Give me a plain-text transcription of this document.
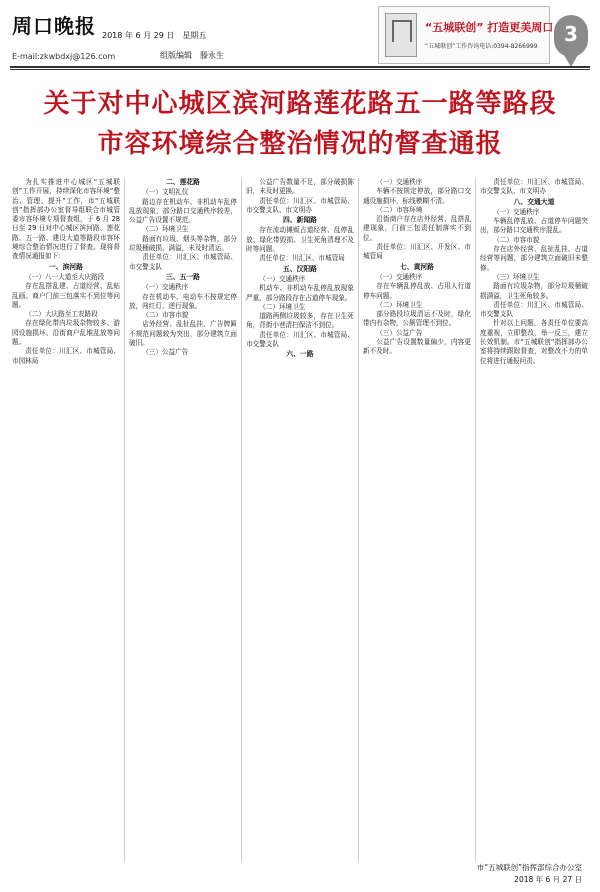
周口晚报 2018 年 6 月 29 日 星期五
E-mail:zkwbdxj@126.com	组版编辑 滕永生
“五城联创” 打造更美周口
“五城联创”工作咨询电话:0394-8266999
3
关于对中心城区滨河路莲花路五一路等路段
市容环境综合整治情况的督查通报

为扎实推进中心城区“五城联创”工作开展，持续深化市容环境“整治、管理、提升”工作，市“五城联创”指挥部办公室督导组联合市城管委市容环境专项督查组，于 6 月 28 日至 29 日对中心城区滨河路、莲花路、五一路、建设大道等路段市容环境综合整治情况进行了督查。现将督查情况通报如下：

一、滨河路

（一）八一大道至大庆路段

存在乱搭乱建、占道经营、乱贴乱画、商户门前三包落实不到位等问题。

（二）大庆路至工农路段

存在绿化带内垃圾杂物较多、游园设施损坏、沿街商户乱堆乱放等问题。

责任单位：川汇区、市城管局、市园林局

二、莲花路

（一）文明礼仪

路边存在机动车、非机动车乱停乱放现象，部分路口交通秩序较差，公益广告设置不规范。

（二）环境卫生

路面有垃圾、烟头等杂物，部分垃圾桶破损、满溢，未及时清运。

责任单位：川汇区、市城管局、市交警支队

三、五一路

（一）交通秩序

存在机动车、电动车不按规定停放，闯红灯、逆行现象。

（二）市容市貌

店外经营、乱扯乱挂、广告牌匾不规范问题较为突出，部分建筑立面破旧。

（三）公益广告

公益广告数量不足，部分破损陈旧，未及时更换。

责任单位：川汇区、市城管局、市交警支队、市文明办

四、新闻路

存在流动摊贩占道经营、乱停乱放、绿化带毁损、卫生死角清理不及时等问题。

责任单位：川汇区、市城管局

五、汉阳路

（一）交通秩序

机动车、非机动车乱停乱放现象严重，部分路段存在占道停车现象。

（二）环境卫生

道路两侧垃圾较多，存在卫生死角，背街小巷清扫保洁不到位。

责任单位：川汇区、市城管局、市交警支队

六、一路

（一）交通秩序

车辆不按规定停放，部分路口交通设施损坏，标线模糊不清。

（二）市容环境

沿街商户存在店外经营、乱搭乱建现象，门前三包责任制落实不到位。

责任单位：川汇区、开发区、市城管局

七、黄河路

（一）交通秩序

存在车辆乱停乱放、占用人行道停车问题。

（二）环境卫生

部分路段垃圾清运不及时，绿化带内有杂物，公厕管理不到位。

（三）公益广告

公益广告设置数量偏少，内容更新不及时。

责任单位：川汇区、市城管局、市交警支队、市文明办

八、交通大道

（一）交通秩序

车辆乱停乱放、占道停车问题突出，部分路口交通秩序混乱。

（二）市容市貌

存在店外经营、乱扯乱挂、占道经营等问题，部分建筑立面破旧未整修。

（三）环境卫生

路面有垃圾杂物，部分垃圾桶破损满溢，卫生死角较多。

责任单位：川汇区、市城管局、市交警支队

针对以上问题，各责任单位要高度重视，立即整改，举一反三，建立长效机制。市“五城联创”指挥部办公室将持续跟踪督查，对整改不力的单位将进行通报问责。

市“五城联创”指挥部综合办公室
2018 年 6 月 27 日
